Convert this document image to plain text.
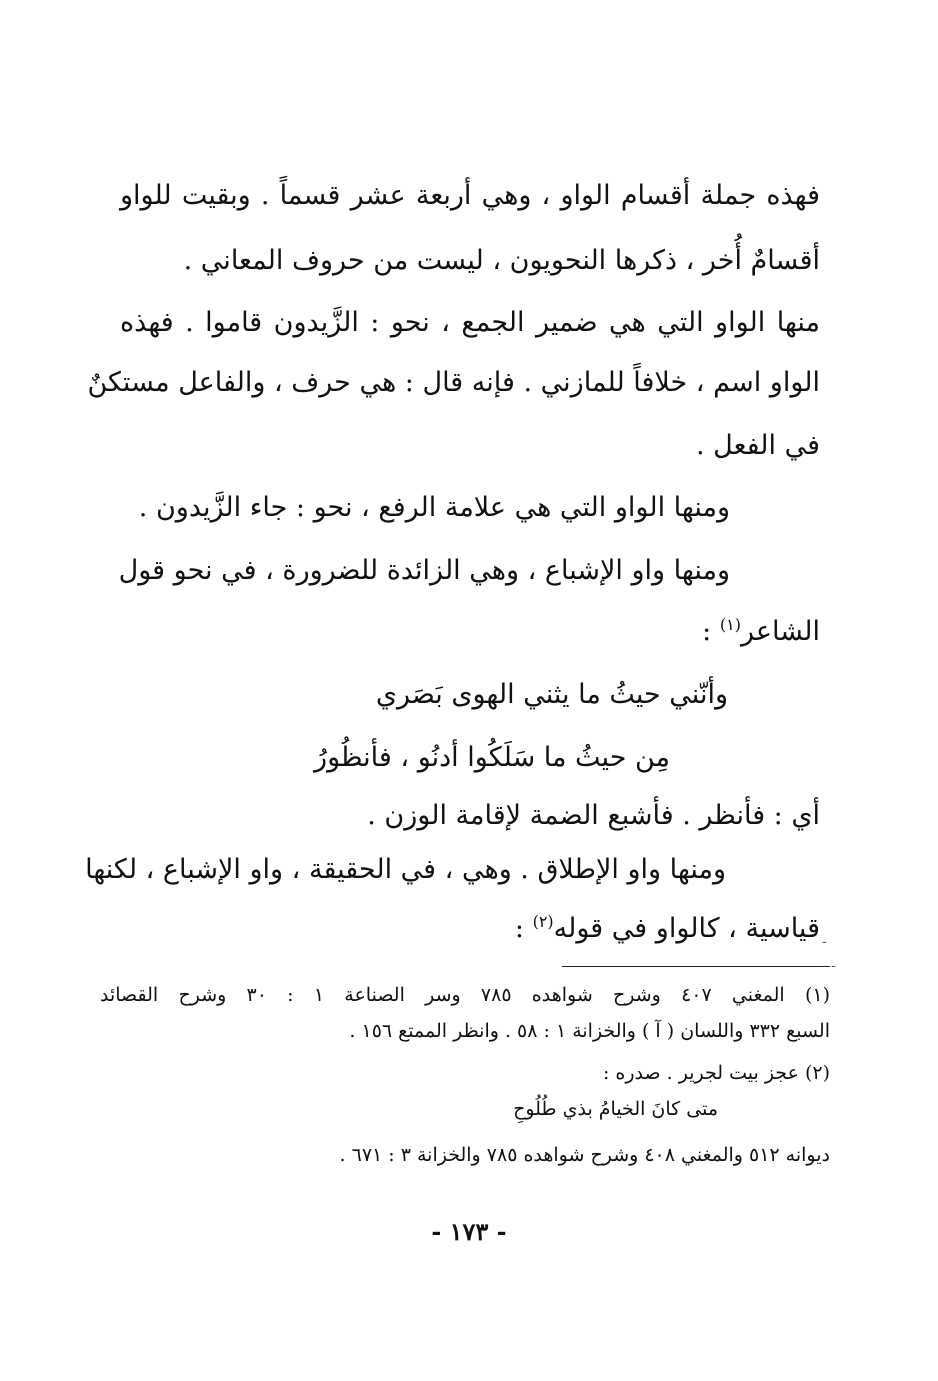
فهذه جملة أقسام الواو ، وهي أربعة عشر قسماً . وبقيت للواو
أقسامٌ أُخر ، ذكرها النحويون ، ليست من حروف المعاني .
منها الواو التي هي ضمير الجمع ، نحو : الزَّيدون قاموا . فهذه
الواو اسم ، خلافاً للمازني . فإنه قال : هي حرف ، والفاعل مستكنٌ
في الفعل .
ومنها الواو التي هي علامة الرفع ، نحو : جاء الزَّيدون .
ومنها واو الإشباع ، وهي الزائدة للضرورة ، في نحو قول
الشاعر$^{(١)}$ :
وأنّني حيثُ ما يثني الهوى بَصَري
مِن حيثُ ما سَلَكُوا أدنُو ، فأنظُورُ
أي : فأنظر . فأشبع الضمة لإقامة الوزن .
ومنها واو الإطلاق . وهي ، في الحقيقة ، واو الإشباع ، لكنها
قياسية ، كالواو في قوله$^{(٢)}$ :	-
- -
(١) المغني ٤٠٧ وشرح شواهده ٧٨٥ وسر الصناعة ١ : ٣٠ وشرح القصائد
السبع ٣٣٢ واللسان ( آ ) والخزانة ١ : ٥٨ . وانظر الممتع ١٥٦ .
(٢) عجز بيت لجرير . صدره :
متى كانَ الخيامُ بذي طُلُوحِ
ديوانه ٥١٢ والمغني ٤٠٨ وشرح شواهده ٧٨٥ والخزانة ٣ : ٦٧١ .
- ١٧٣ -
